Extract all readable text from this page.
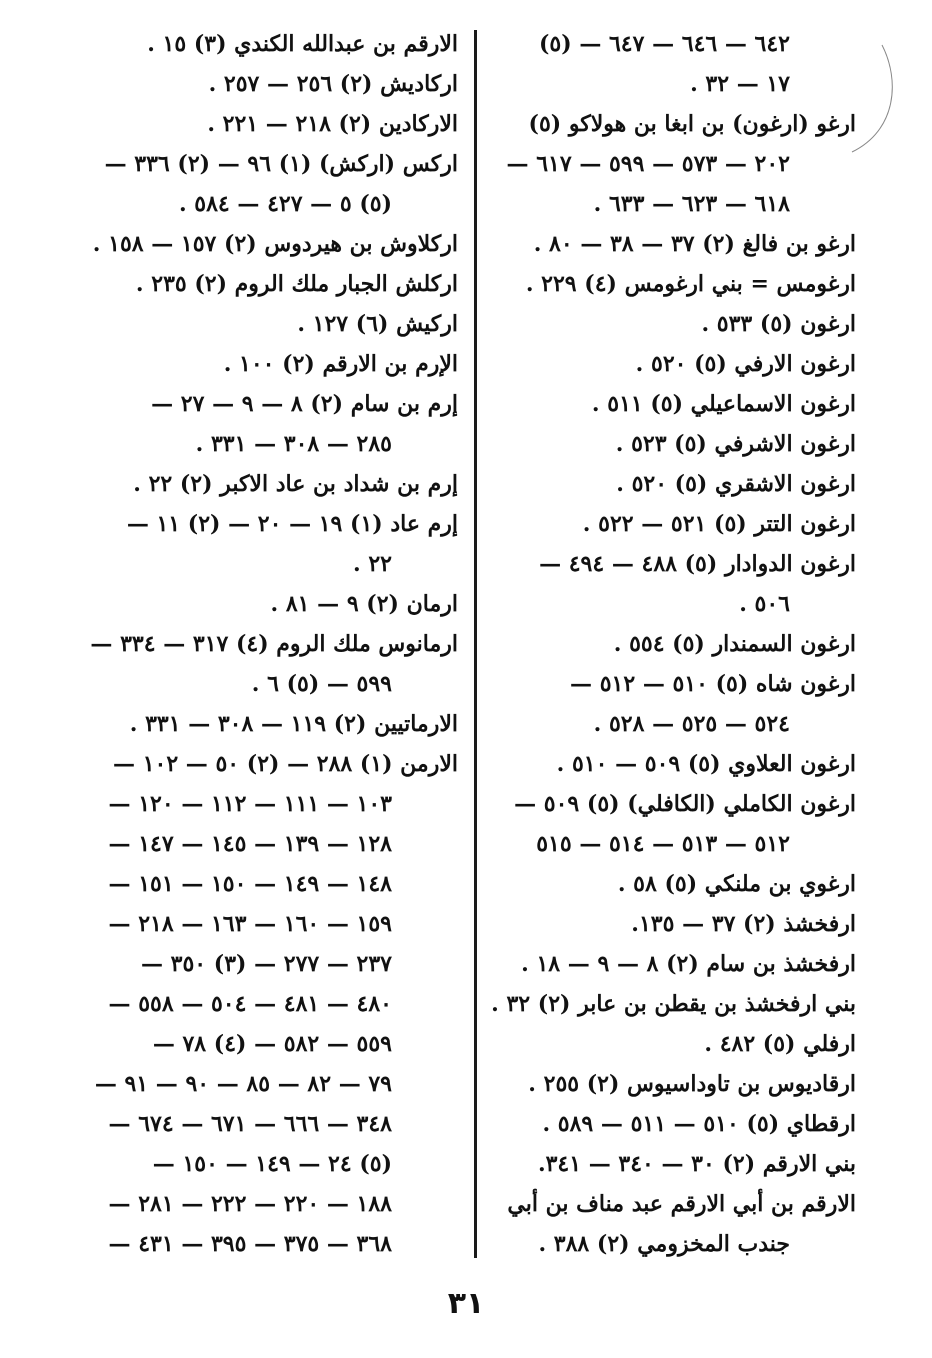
٦٤٢ — ٦٤٦ — ٦٤٧ — (٥)
١٧ — ٣٢ .
ارغو (ارغون) بن ابغا بن هولاكو (٥)
٢٠٢ — ٥٧٣ — ٥٩٩ — ٦١٧ —
٦١٨ — ٦٢٣ — ٦٣٣ .
ارغو بن فالغ (٢) ٣٧ — ٣٨ — ٨٠ .
ارغومس = بني ارغومس (٤) ٢٢٩ .
ارغون (٥) ٥٣٣ .
ارغون الارفي (٥) ٥٢٠ .
ارغون الاسماعيلي (٥) ٥١١ .
ارغون الاشرفي (٥) ٥٢٣ .
ارغون الاشقري (٥) ٥٢٠ .
ارغون التتر (٥) ٥٢١ — ٥٢٢ .
ارغون الدوادار (٥) ٤٨٨ — ٤٩٤ —
٥٠٦ .
ارغون السمندار (٥) ٥٥٤ .
ارغون شاه (٥) ٥١٠ — ٥١٢ —
٥٢٤ — ٥٢٥ — ٥٢٨ .
ارغون العلاوي (٥) ٥٠٩ — ٥١٠ .
ارغون الكاملي (الكافلي) (٥) ٥٠٩ —
٥١٢ — ٥١٣ — ٥١٤ — ٥١٥
ارغوي بن ملنكي (٥) ٥٨ .
ارفخشذ (٢) ٣٧ — ١٣٥.
ارفخشذ بن سام (٢) ٨ — ٩ — ١٨ .
بني ارفخشذ بن يقطن بن عابر (٢) ٣٢ .
ارفلي (٥) ٤٨٢ .
ارقاديوس بن تاوداسيوس (٢) ٢٥٥ .
ارقطاي (٥) ٥١٠ — ٥١١ — ٥٨٩ .
بني الارقم (٢) ٣٠ — ٣٤٠ — ٣٤١.
الارقم بن أبي الارقم عبد مناف بن أبي
جندب المخزومي (٢) ٣٨٨ .
الارقم بن عبدالله الكندي (٣) ١٥ .
اركاديش (٢) ٢٥٦ — ٢٥٧ .
الاركادين (٢) ٢١٨ — ٢٢١ .
اركس (اركش) (١) ٩٦ — (٢) ٣٣٦ —
(٥) ٥ — ٤٢٧ — ٥٨٤ .
اركلاوش بن هيردوس (٢) ١٥٧ — ١٥٨ .
اركلش الجبار ملك الروم (٢) ٢٣٥ .
اركيش (٦) ١٢٧ .
الإرم بن الارقم (٢) ١٠٠ .
إرم بن سام (٢) ٨ — ٩ — ٢٧ —
٢٨٥ — ٣٠٨ — ٣٣١ .
إرم بن شداد بن عاد الاكبر (٢) ٢٢ .
إرم عاد (١) ١٩ — ٢٠ — (٢) ١١ —
٢٢ .
ارمان (٢) ٩ — ٨١ .
ارمانوس ملك الروم (٤) ٣١٧ — ٣٣٤ —
٥٩٩ — (٥) ٦ .
الارماتيين (٢) ١١٩ — ٣٠٨ — ٣٣١ .
الارمن (١) ٢٨٨ — (٢) ٥٠ — ١٠٢ —
١٠٣ — ١١١ — ١١٢ — ١٢٠ —
١٢٨ — ١٣٩ — ١٤٥ — ١٤٧ —
١٤٨ — ١٤٩ — ١٥٠ — ١٥١ —
١٥٩ — ١٦٠ — ١٦٣ — ٢١٨ —
٢٣٧ — ٢٧٧ — (٣) ٣٥٠ —
٤٨٠ — ٤٨١ — ٥٠٤ — ٥٥٨ —
٥٥٩ — ٥٨٢ — (٤) ٧٨ —
٧٩ — ٨٢ — ٨٥ — ٩٠ — ٩١ —
٣٤٨ — ٦٦٦ — ٦٧١ — ٦٧٤ —
(٥) ٢٤ — ١٤٩ — ١٥٠ —
١٨٨ — ٢٢٠ — ٢٢٢ — ٢٨١ —
٣٦٨ — ٣٧٥ — ٣٩٥ — ٤٣١ —
٣١
